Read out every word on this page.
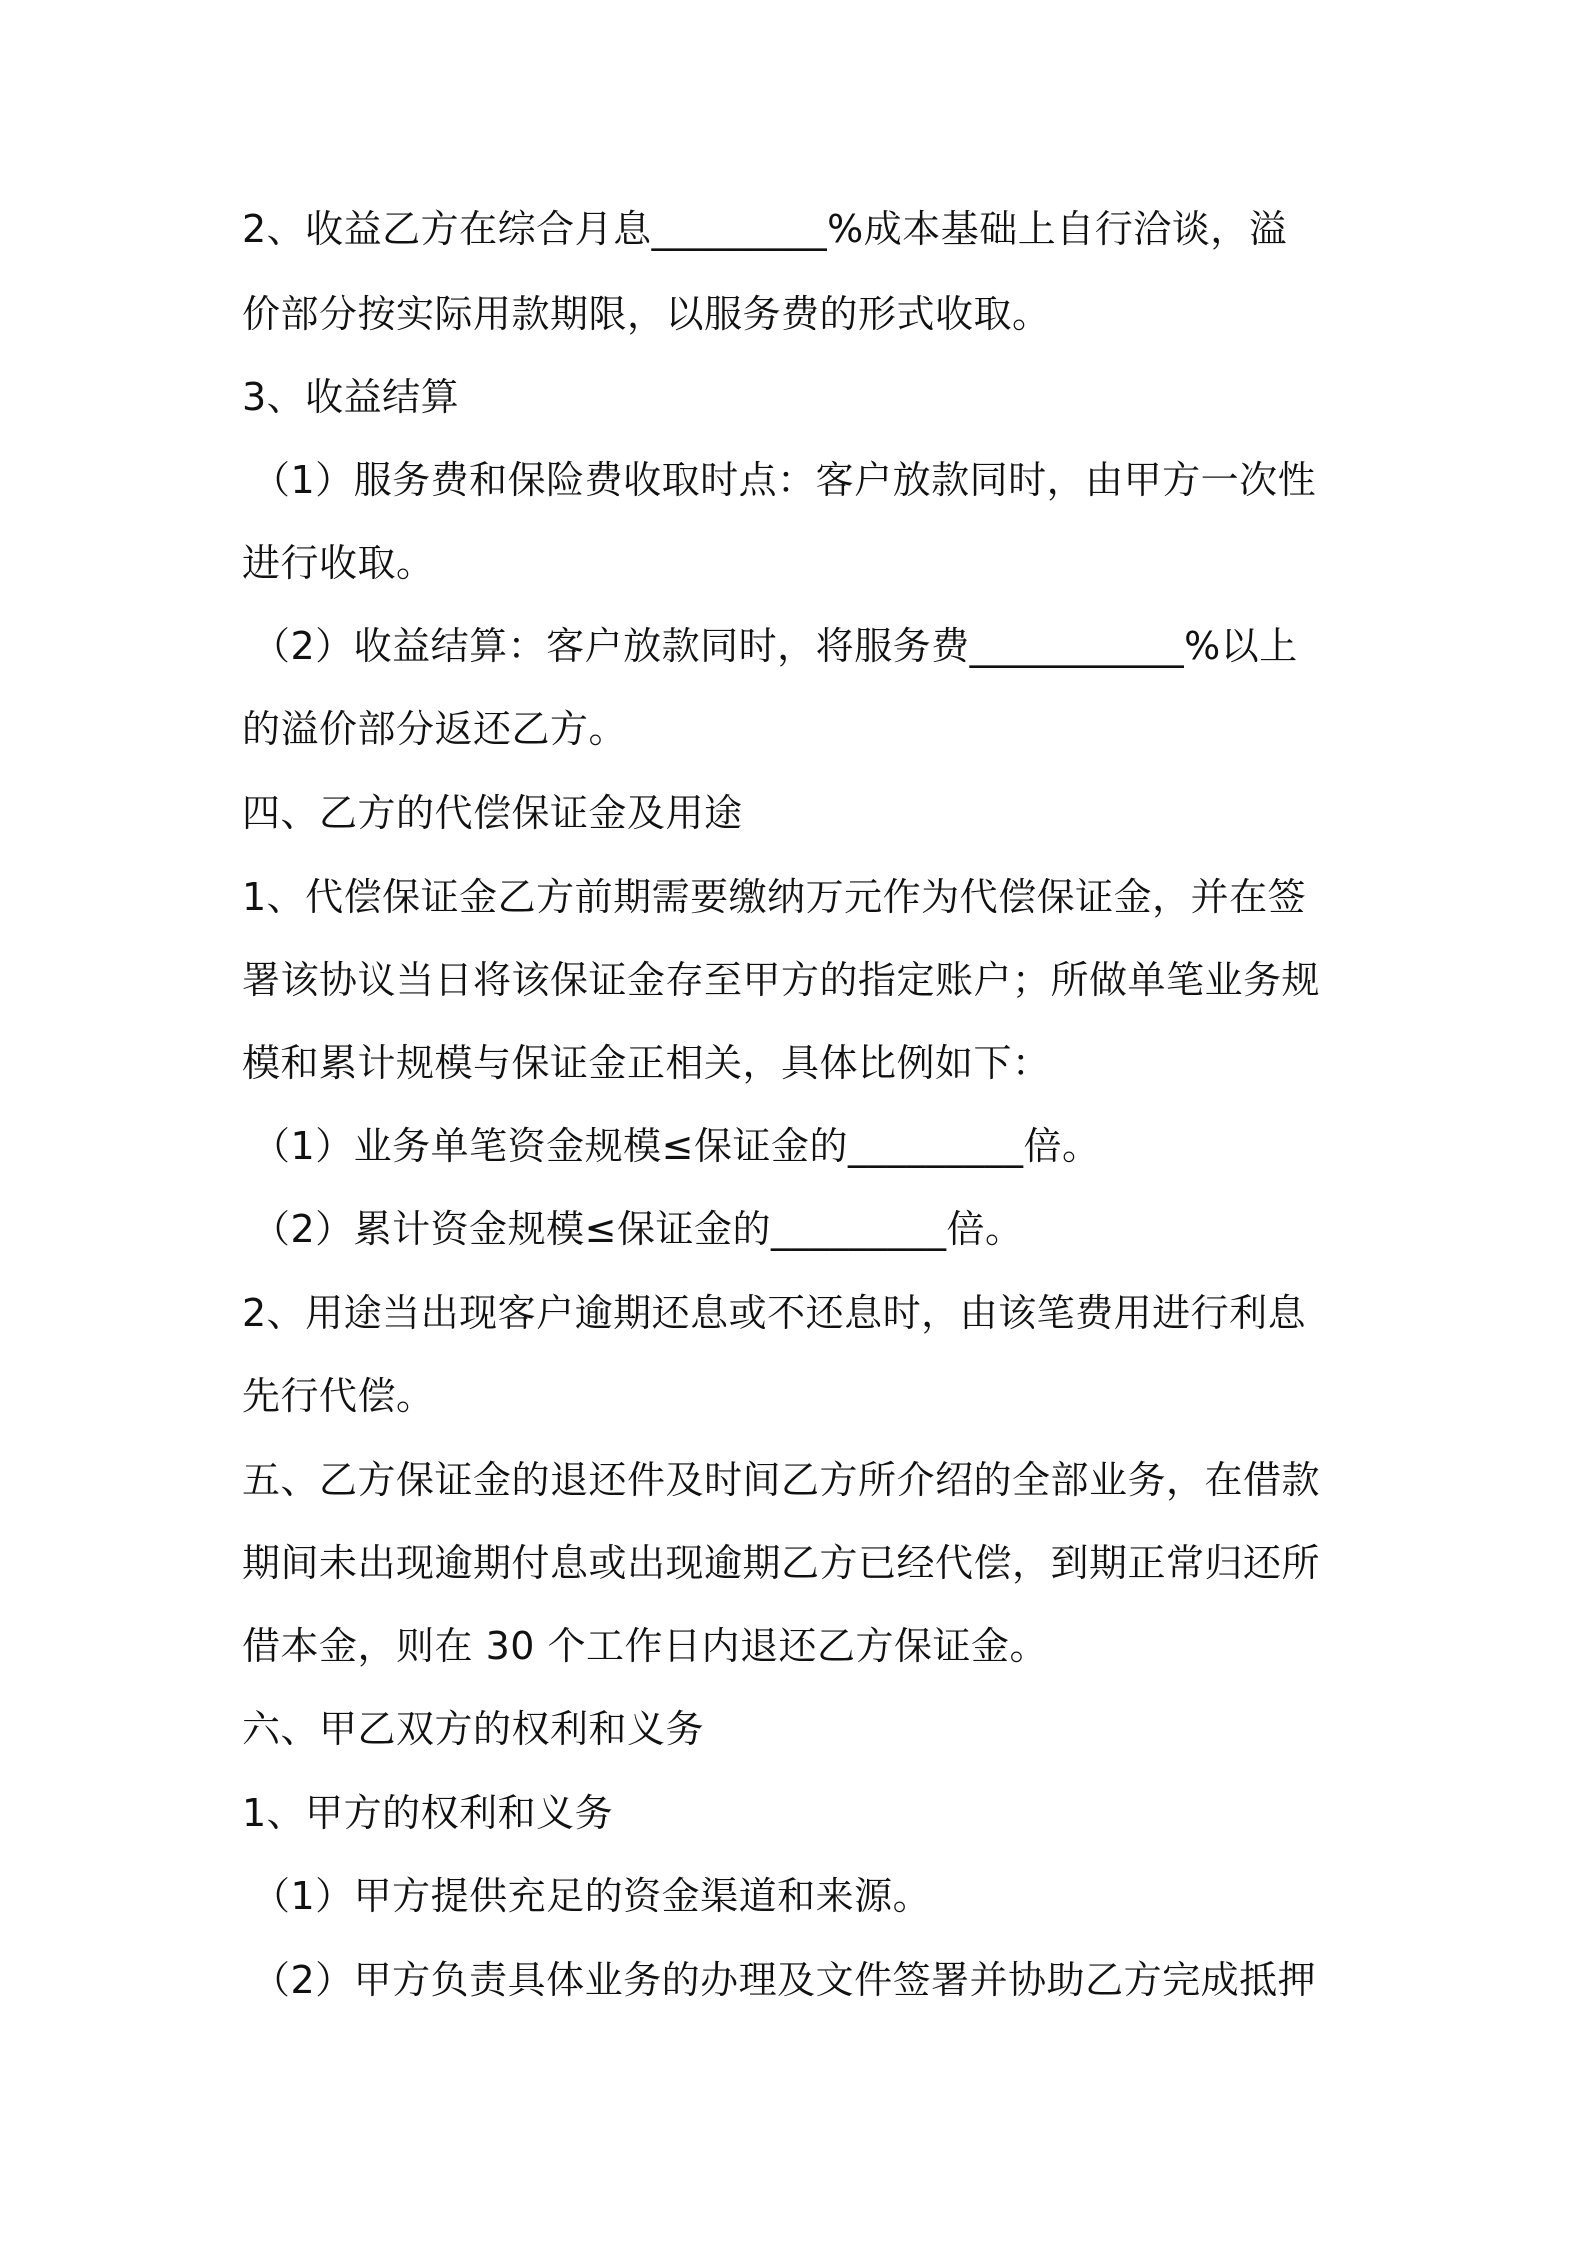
2、收益乙方在综合月息_________%成本基础上自行洽谈，溢
价部分按实际用款期限，以服务费的形式收取。
3、收益结算
（1）服务费和保险费收取时点：客户放款同时，由甲方一次性
进行收取。
（2）收益结算：客户放款同时，将服务费___________%以上
的溢价部分返还乙方。
四、乙方的代偿保证金及用途
1、代偿保证金乙方前期需要缴纳万元作为代偿保证金，并在签
署该协议当日将该保证金存至甲方的指定账户；所做单笔业务规
模和累计规模与保证金正相关，具体比例如下：
（1）业务单笔资金规模≤保证金的_________倍。
（2）累计资金规模≤保证金的_________倍。
2、用途当出现客户逾期还息或不还息时，由该笔费用进行利息
先行代偿。
五、乙方保证金的退还件及时间乙方所介绍的全部业务，在借款
期间未出现逾期付息或出现逾期乙方已经代偿，到期正常归还所
借本金，则在 30 个工作日内退还乙方保证金。
六、甲乙双方的权利和义务
1、甲方的权利和义务
（1）甲方提供充足的资金渠道和来源。
（2）甲方负责具体业务的办理及文件签署并协助乙方完成抵押
